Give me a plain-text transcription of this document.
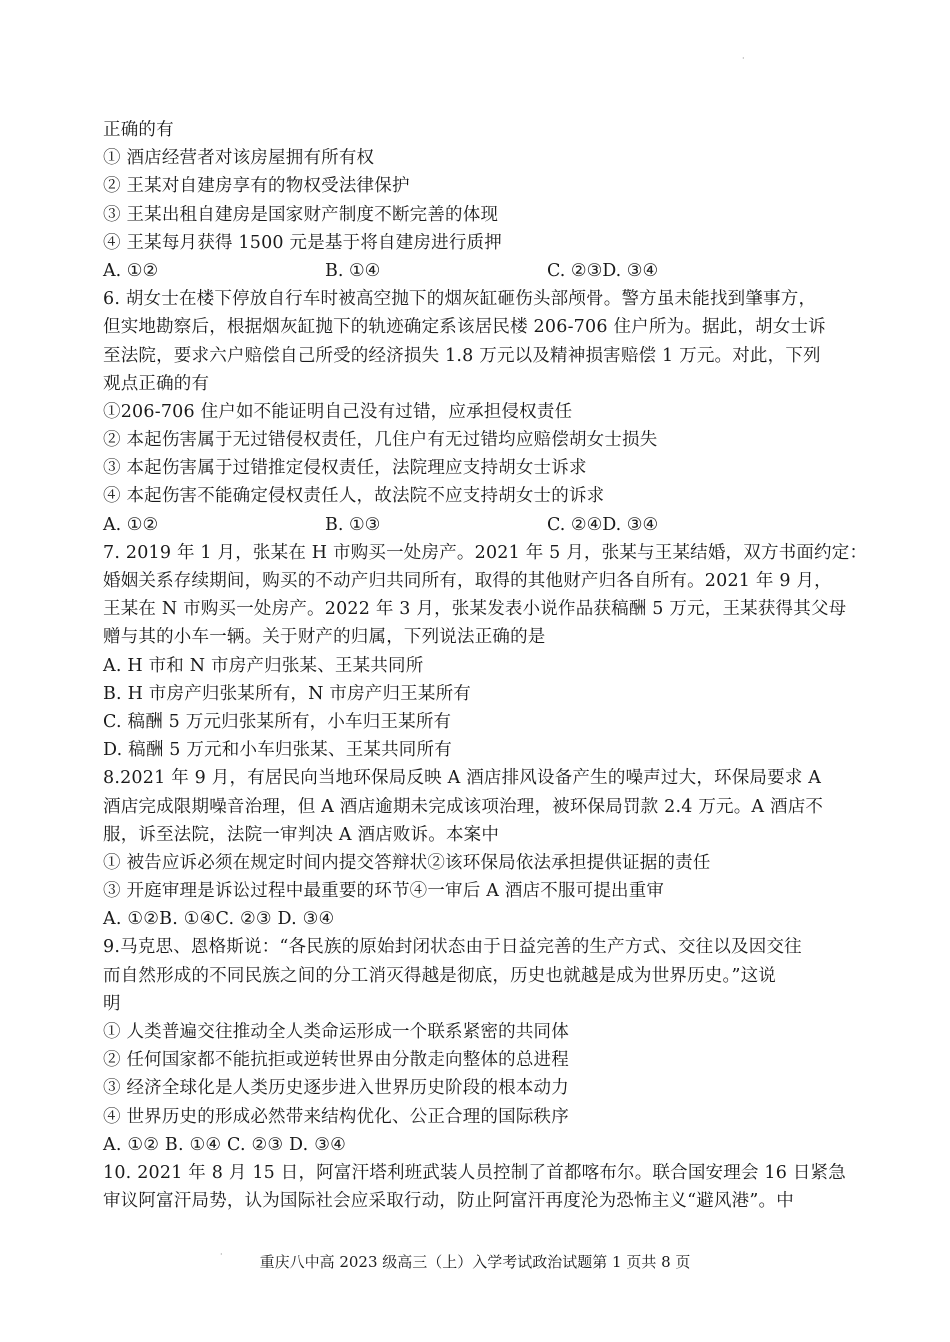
·
正确的有
① 酒店经营者对该房屋拥有所有权
② 王某对自建房享有的物权受法律保护
③ 王某出租自建房是国家财产制度不断完善的体现
④ 王某每月获得 1500 元是基于将自建房进行质押
A. ①②	B. ①④	C. ②③D. ③④
6. 胡女士在楼下停放自行车时被高空抛下的烟灰缸砸伤头部颅骨。警方虽未能找到肇事方，
但实地勘察后，根据烟灰缸抛下的轨迹确定系该居民楼 206-706 住户所为。据此，胡女士诉
至法院，要求六户赔偿自己所受的经济损失 1.8 万元以及精神损害赔偿 1 万元。对此，下列
观点正确的有
①206-706 住户如不能证明自己没有过错，应承担侵权责任
② 本起伤害属于无过错侵权责任，几住户有无过错均应赔偿胡女士损失
③ 本起伤害属于过错推定侵权责任，法院理应支持胡女士诉求
④ 本起伤害不能确定侵权责任人，故法院不应支持胡女士的诉求
A. ①②	B. ①③	C. ②④D. ③④
7. 2019 年 1 月，张某在 H 市购买一处房产。2021 年 5 月，张某与王某结婚，双方书面约定：
婚姻关系存续期间，购买的不动产归共同所有，取得的其他财产归各自所有。2021 年 9 月，
王某在 N 市购买一处房产。2022 年 3 月，张某发表小说作品获稿酬 5 万元，王某获得其父母
赠与其的小车一辆。关于财产的归属，下列说法正确的是
A. H 市和 N 市房产归张某、王某共同所
B. H 市房产归张某所有，N 市房产归王某所有
C. 稿酬 5 万元归张某所有，小车归王某所有
D. 稿酬 5 万元和小车归张某、王某共同所有
8.2021 年 9 月，有居民向当地环保局反映 A 酒店排风设备产生的噪声过大，环保局要求 A
酒店完成限期噪音治理，但 A 酒店逾期未完成该项治理，被环保局罚款 2.4 万元。A 酒店不
服，诉至法院，法院一审判决 A 酒店败诉。本案中
① 被告应诉必须在规定时间内提交答辩状②该环保局依法承担提供证据的责任
③ 开庭审理是诉讼过程中最重要的环节④一审后 A 酒店不服可提出重审
A. ①②B. ①④C. ②③ D. ③④
9.马克思、恩格斯说：“各民族的原始封闭状态由于日益完善的生产方式、交往以及因交往
而自然形成的不同民族之间的分工消灭得越是彻底，历史也就越是成为世界历史。”这说
明
① 人类普遍交往推动全人类命运形成一个联系紧密的共同体
② 任何国家都不能抗拒或逆转世界由分散走向整体的总进程
③ 经济全球化是人类历史逐步进入世界历史阶段的根本动力
④ 世界历史的形成必然带来结构优化、公正合理的国际秩序
A. ①② B. ①④ C. ②③ D. ③④
10. 2021 年 8 月 15 日，阿富汗塔利班武装人员控制了首都喀布尔。联合国安理会 16 日紧急
审议阿富汗局势，认为国际社会应采取行动，防止阿富汗再度沦为恐怖主义“避风港”。中
·	重庆八中高 2023 级高三（上）入学考试政治试题第 1 页共 8 页
